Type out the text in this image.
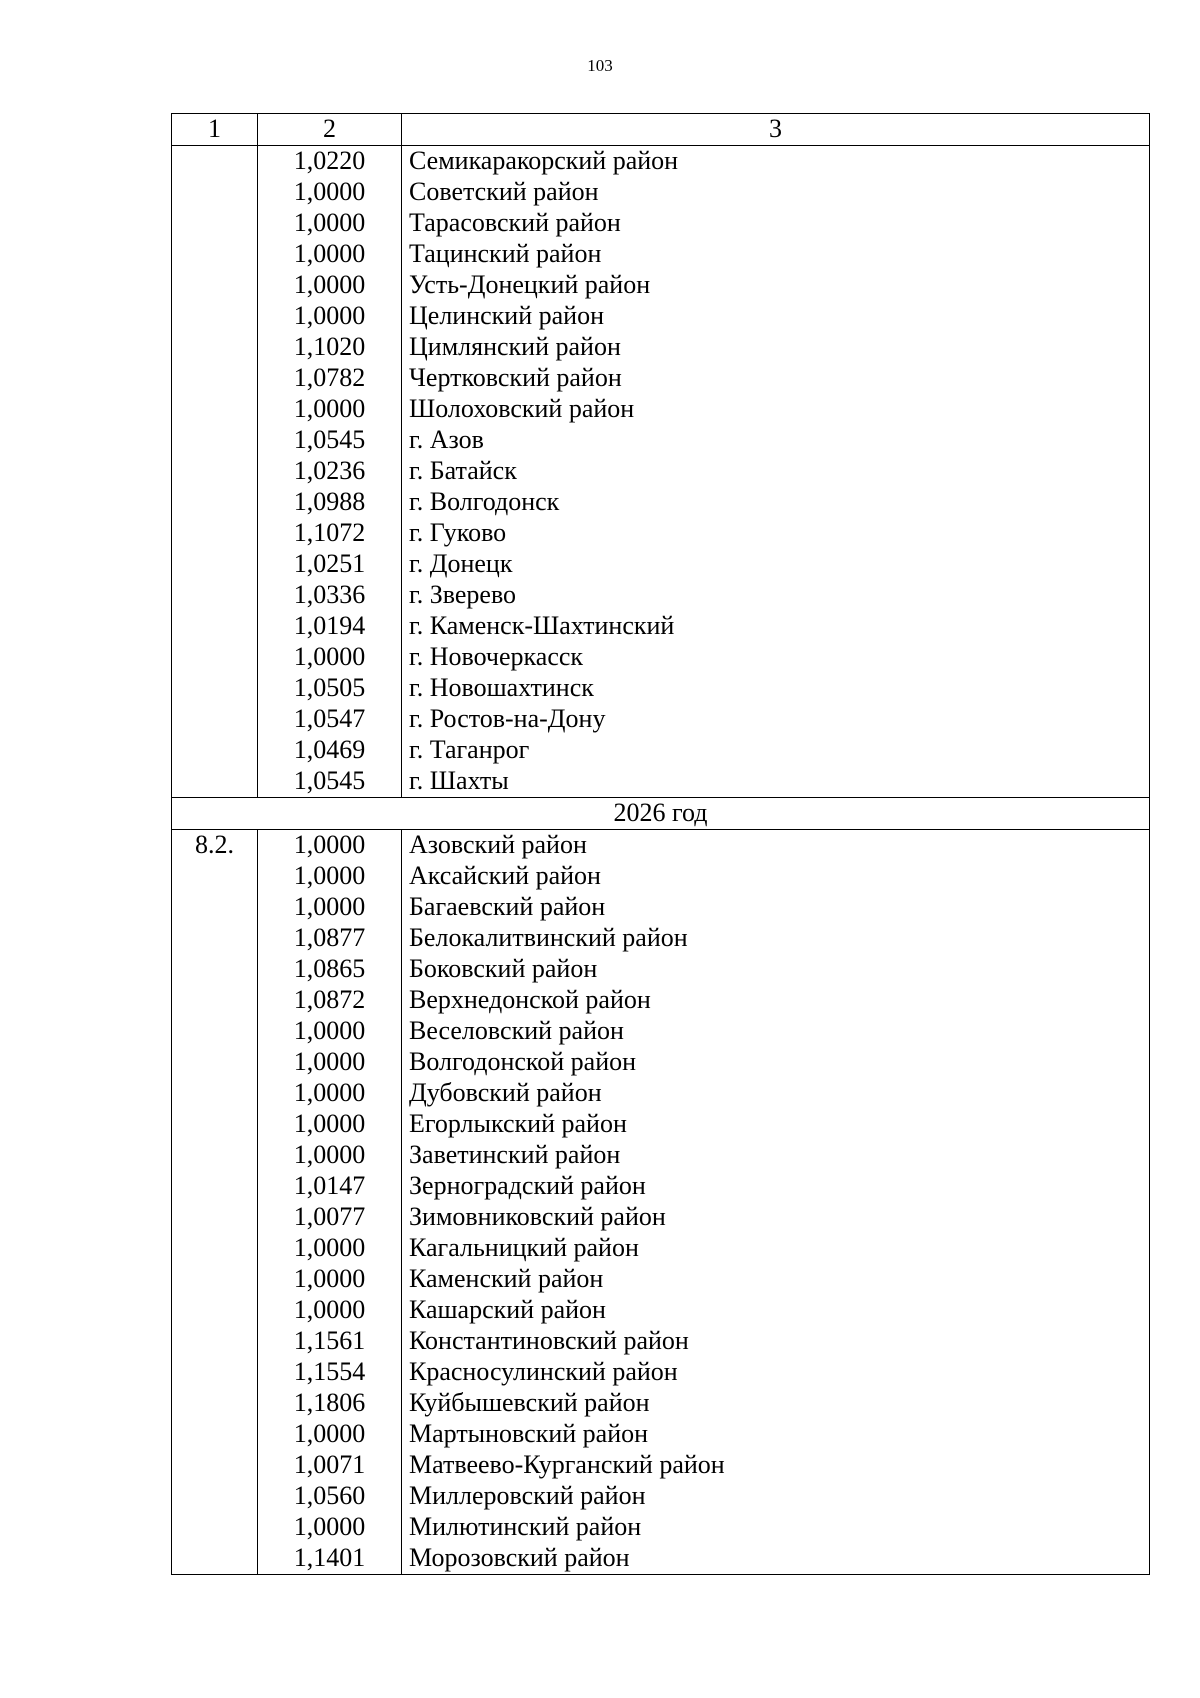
103
1	2	3
	1,0220	Семикаракорский район
	1,0000	Советский район
	1,0000	Тарасовский район
	1,0000	Тацинский район
	1,0000	Усть-Донецкий район
	1,0000	Целинский район
	1,1020	Цимлянский район
	1,0782	Чертковский район
	1,0000	Шолоховский район
	1,0545	г. Азов
	1,0236	г. Батайск
	1,0988	г. Волгодонск
	1,1072	г. Гуково
	1,0251	г. Донецк
	1,0336	г. Зверево
	1,0194	г. Каменск-Шахтинский
	1,0000	г. Новочеркасск
	1,0505	г. Новошахтинск
	1,0547	г. Ростов-на-Дону
	1,0469	г. Таганрог
	1,0545	г. Шахты
2026 год		
8.2.	1,0000	Азовский район
	1,0000	Аксайский район
	1,0000	Багаевский район
	1,0877	Белокалитвинский район
	1,0865	Боковский район
	1,0872	Верхнедонской район
	1,0000	Веселовский район
	1,0000	Волгодонской район
	1,0000	Дубовский район
	1,0000	Егорлыкский район
	1,0000	Заветинский район
	1,0147	Зерноградский район
	1,0077	Зимовниковский район
	1,0000	Кагальницкий район
	1,0000	Каменский район
	1,0000	Кашарский район
	1,1561	Константиновский район
	1,1554	Красносулинский район
	1,1806	Куйбышевский район
	1,0000	Мартыновский район
	1,0071	Матвеево-Курганский район
	1,0560	Миллеровский район
	1,0000	Милютинский район
	1,1401	Морозовский район
